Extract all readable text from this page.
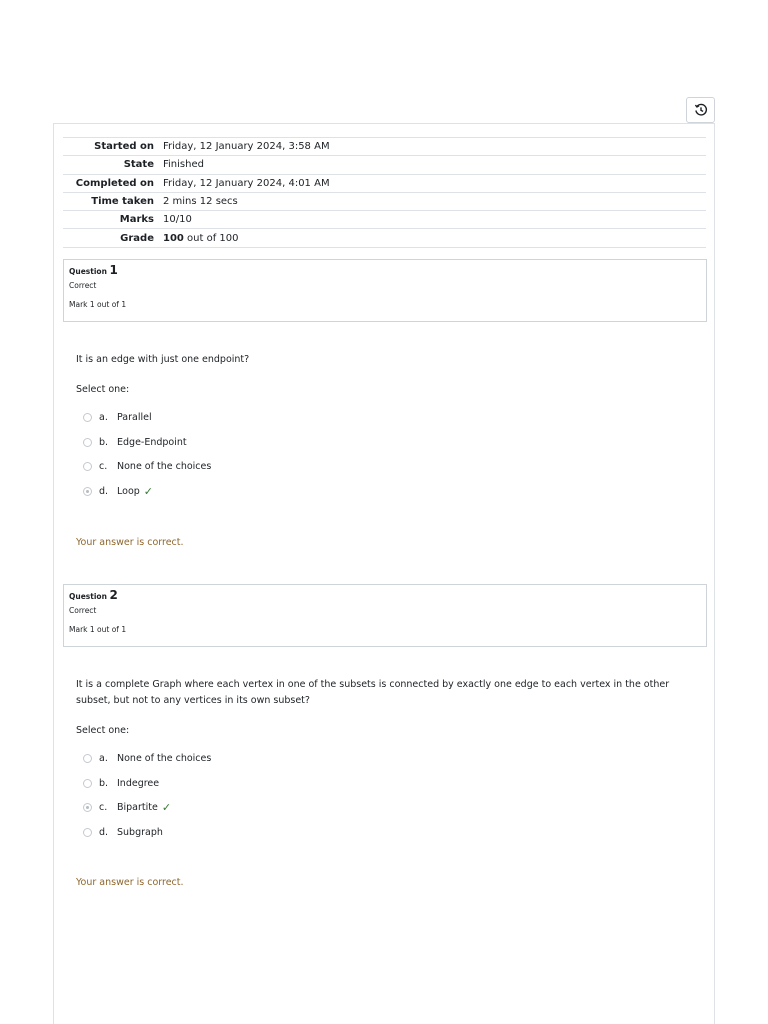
Started on	Friday, 12 January 2024, 3:58 AM
State	Finished
Completed on	Friday, 12 January 2024, 4:01 AM
Time taken	2 mins 12 secs
Marks	10/10
Grade	100 out of 100
Question 1
Correct
Mark 1 out of 1
It is an edge with just one endpoint?
Select one:
a. Parallel
b. Edge-Endpoint
c.	None of the choices
d. Loop ✓
Your answer is correct.
Question 2
Correct
Mark 1 out of 1
It is a complete Graph where each vertex in one of the subsets is connected by exactly one edge to each vertex in the other subset, but not to any vertices in its own subset?
Select one:
a. None of the choices
b. Indegree
c.	Bipartite ✓
d. Subgraph
Your answer is correct.
